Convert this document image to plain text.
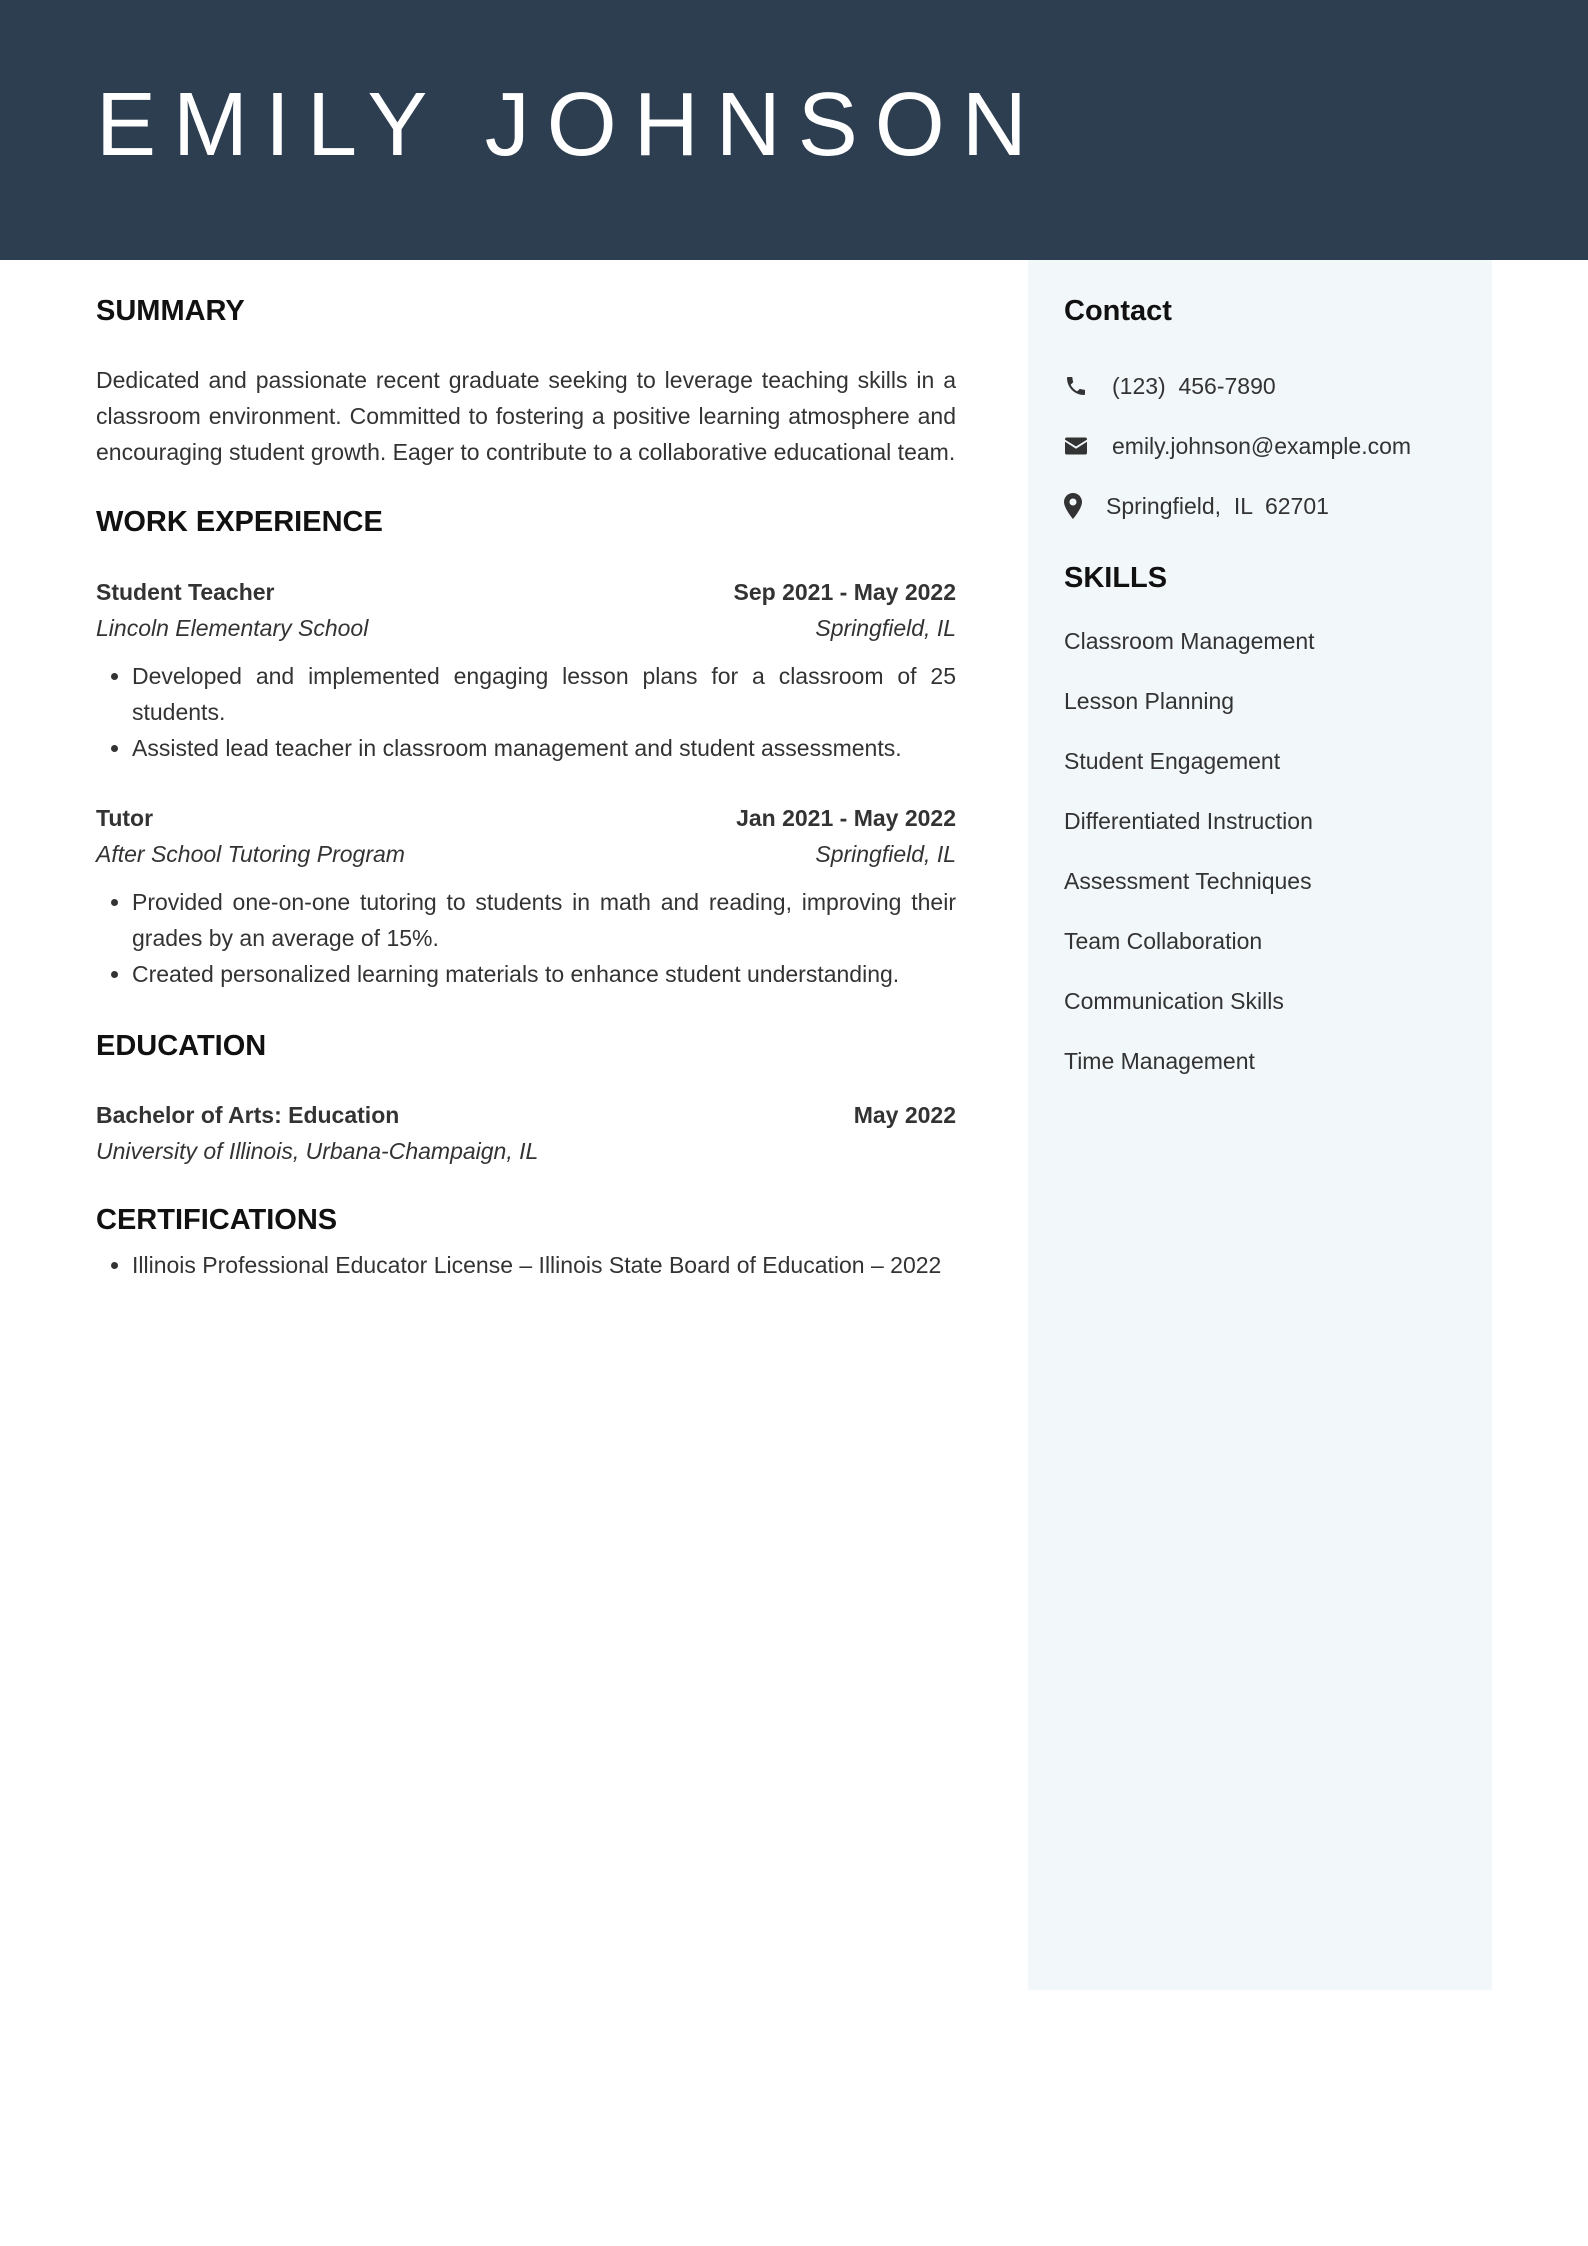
EMILY JOHNSON
SUMMARY

Dedicated and passionate recent graduate seeking to leverage teaching skills in a classroom environment. Committed to fostering a positive learning atmosphere and encouraging student growth. Eager to contribute to a collaborative educational team.

WORK EXPERIENCE
Student Teacher	Sep 2021 - May 2022
Lincoln Elementary School	Springfield, IL
• Developed and implemented engaging lesson plans for a classroom of 25 students.
• Assisted lead teacher in classroom management and student assessments.
Tutor	Jan 2021 - May 2022
After School Tutoring Program	Springfield, IL
• Provided one-on-one tutoring to students in math and reading, improving their grades by an average of 15%.
• Created personalized learning materials to enhance student understanding.
EDUCATION
Bachelor of Arts: Education	May 2022
University of Illinois, Urbana-Champaign, IL
CERTIFICATIONS
• Illinois Professional Educator License – Illinois State Board of Education – 2022
Contact
(123)  456-7890
emily.johnson@example.com
Springfield,  IL  62701
SKILLS
Classroom Management
Lesson Planning
Student Engagement
Differentiated Instruction
Assessment Techniques
Team Collaboration
Communication Skills
Time Management
